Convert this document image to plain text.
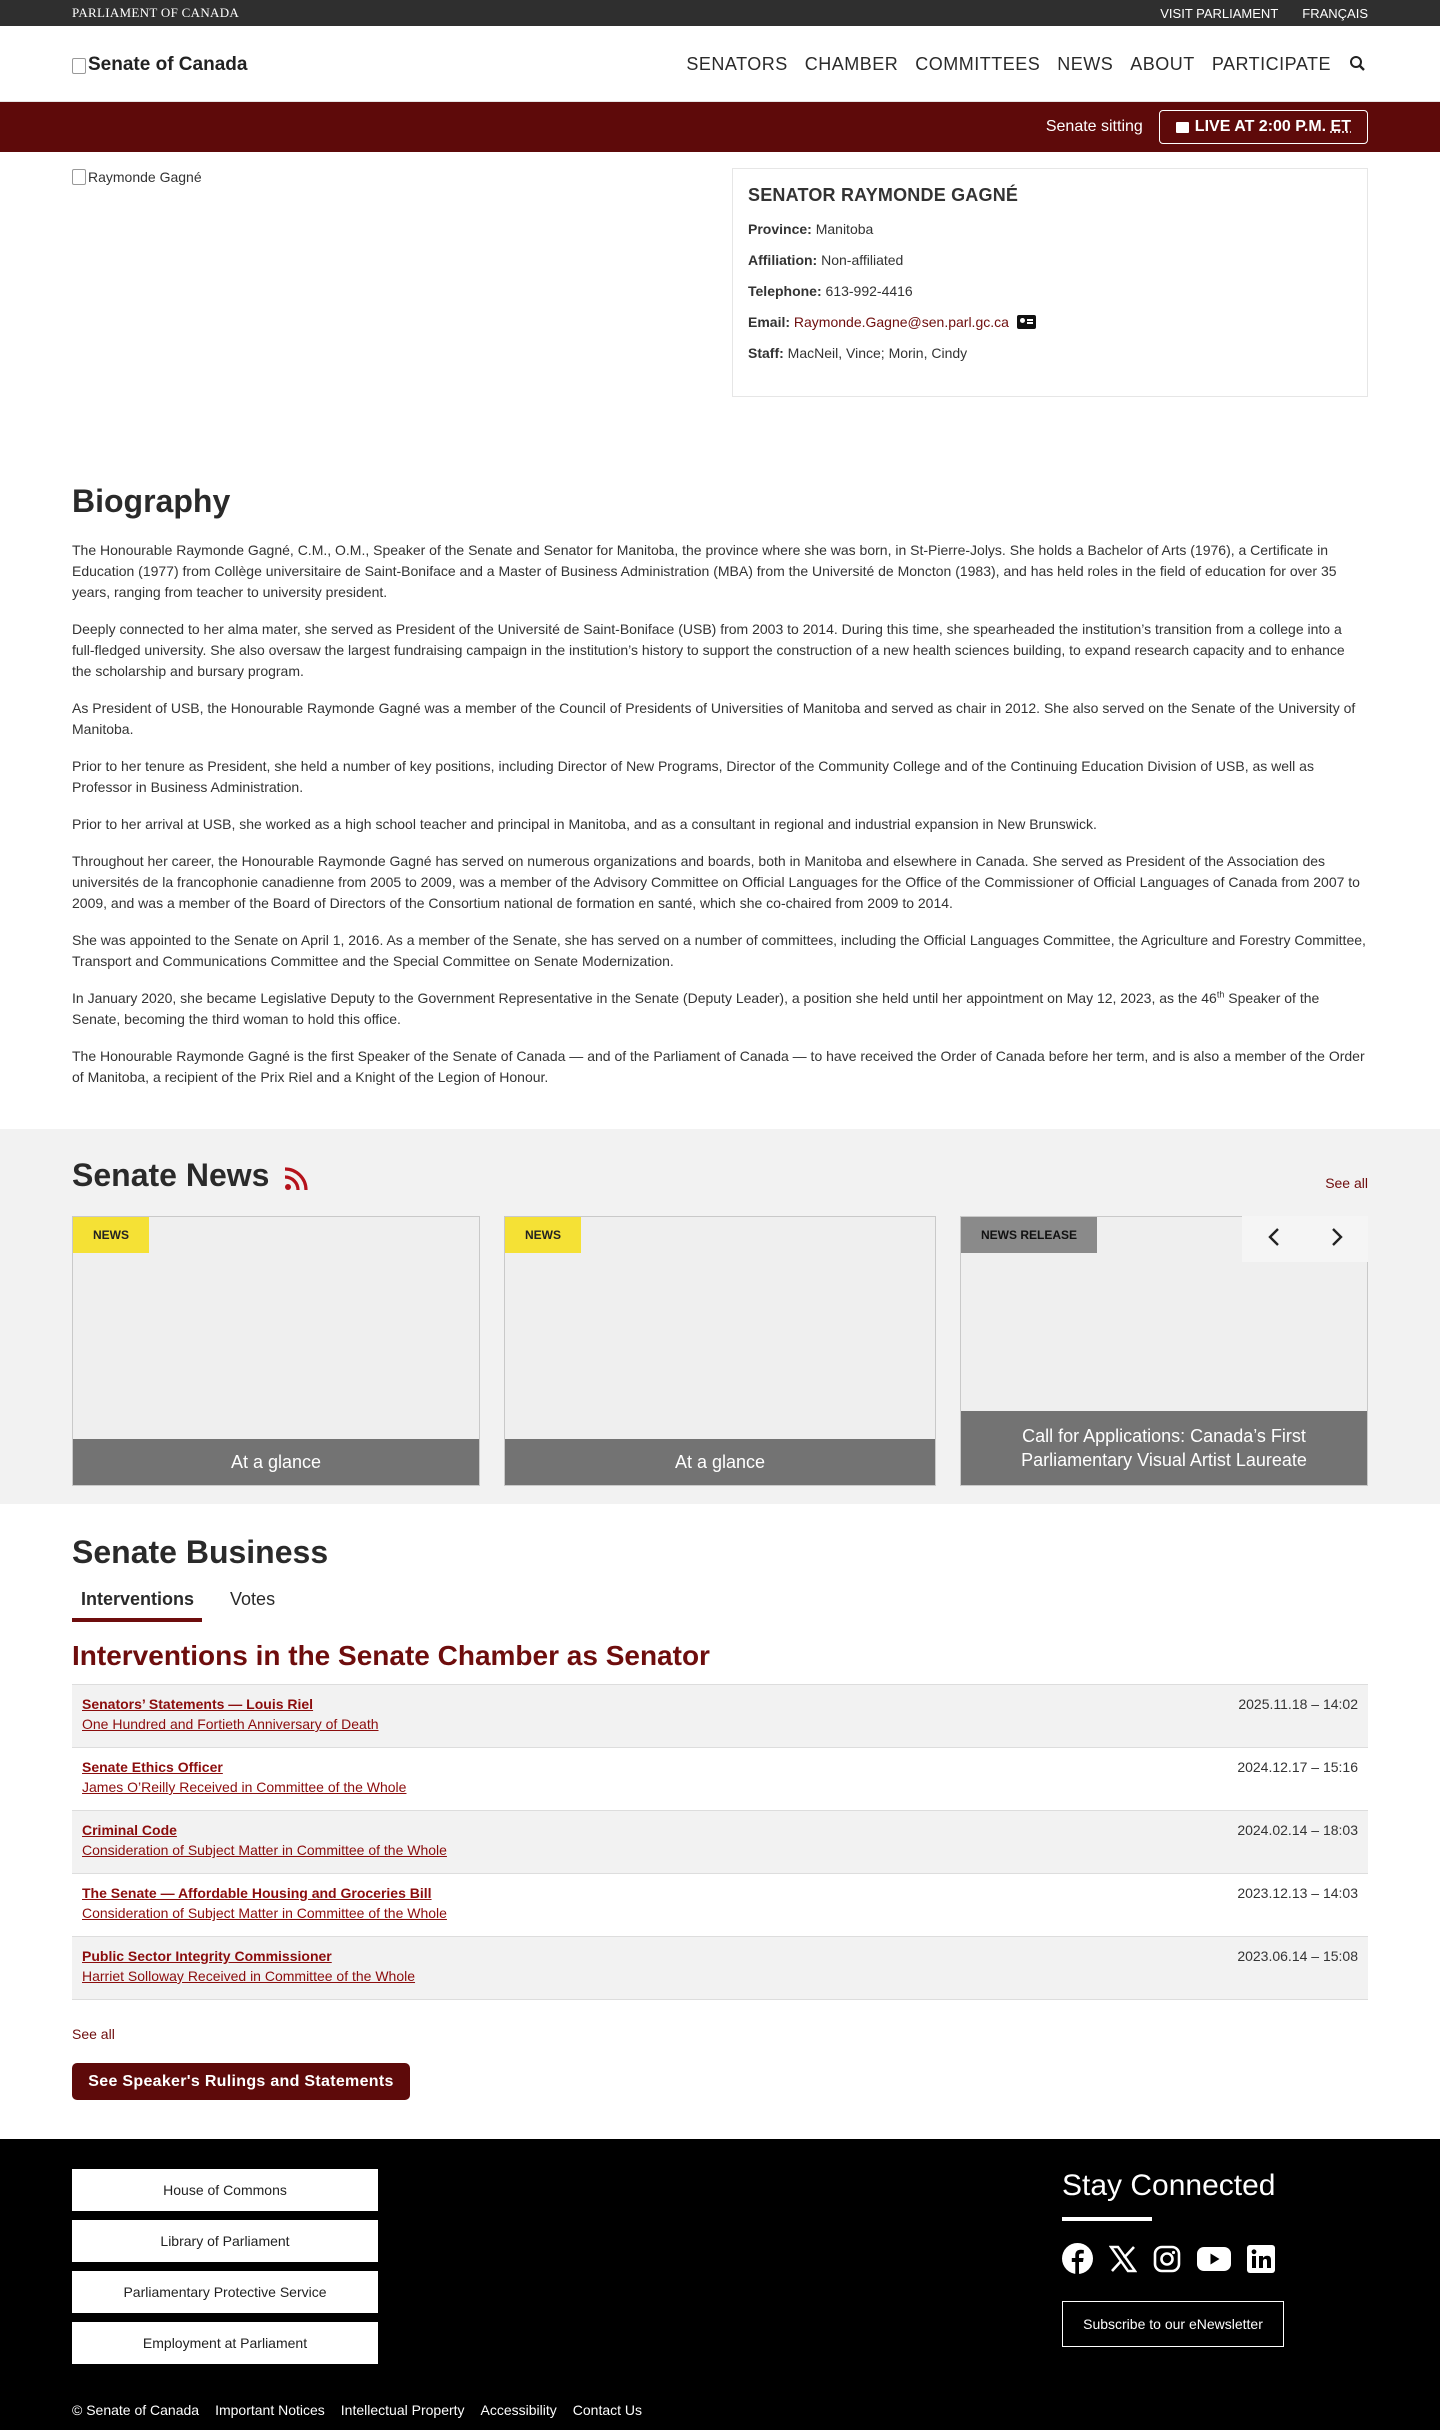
PARLIAMENT OF CANADA	VISIT PARLIAMENT FRANÇAIS
Senate of Canada	SENATORS CHAMBER COMMITTEES NEWS ABOUT PARTICIPATE
Senate sitting	LIVE AT 2:00 P.M. ET
Raymonde Gagné
SENATOR RAYMONDE GAGNÉ

Province: Manitoba

Affiliation: Non-affiliated

Telephone: 613-992-4416

Email: Raymonde.Gagne@sen.parl.gc.ca

Staff: MacNeil, Vince; Morin, Cindy

Biography

The Honourable Raymonde Gagné, C.M., O.M., Speaker of the Senate and Senator for Manitoba, the province where she was born, in St-Pierre-Jolys. She holds a Bachelor of Arts (1976), a Certificate in Education (1977) from Collège universitaire de Saint-Boniface and a Master of Business Administration (MBA) from the Université de Moncton (1983), and has held roles in the field of education for over 35 years, ranging from teacher to university president.

Deeply connected to her alma mater, she served as President of the Université de Saint-Boniface (USB) from 2003 to 2014. During this time, she spearheaded the institution’s transition from a college into a full-fledged university. She also oversaw the largest fundraising campaign in the institution’s history to support the construction of a new health sciences building, to expand research capacity and to enhance the scholarship and bursary program.

As President of USB, the Honourable Raymonde Gagné was a member of the Council of Presidents of Universities of Manitoba and served as chair in 2012. She also served on the Senate of the University of Manitoba.

Prior to her tenure as President, she held a number of key positions, including Director of New Programs, Director of the Community College and of the Continuing Education Division of USB, as well as Professor in Business Administration.

Prior to her arrival at USB, she worked as a high school teacher and principal in Manitoba, and as a consultant in regional and industrial expansion in New Brunswick.

Throughout her career, the Honourable Raymonde Gagné has served on numerous organizations and boards, both in Manitoba and elsewhere in Canada. She served as President of the Association des universités de la francophonie canadienne from 2005 to 2009, was a member of the Advisory Committee on Official Languages for the Office of the Commissioner of Official Languages of Canada from 2007 to 2009, and was a member of the Board of Directors of the Consortium national de formation en santé, which she co-chaired from 2009 to 2014.

She was appointed to the Senate on April 1, 2016. As a member of the Senate, she has served on a number of committees, including the Official Languages Committee, the Agriculture and Forestry Committee, Transport and Communications Committee and the Special Committee on Senate Modernization.

In January 2020, she became Legislative Deputy to the Government Representative in the Senate (Deputy Leader), a position she held until her appointment on May 12, 2023, as the 46th Speaker of the Senate, becoming the third woman to hold this office.

The Honourable Raymonde Gagné is the first Speaker of the Senate of Canada — and of the Parliament of Canada — to have received the Order of Canada before her term, and is also a member of the Order of Manitoba, a recipient of the Prix Riel and a Knight of the Legion of Honour.

Senate News	See all
NEWS
At a glance
NEWS
At a glance
NEWS RELEASE
Call for Applications: Canada’s First Parliamentary Visual Artist Laureate
Senate Business
Interventions	Votes
Interventions in the Senate Chamber as Senator
Senators’ Statements — Louis Riel
One Hundred and Fortieth Anniversary of Death
2025.11.18 – 14:02
Senate Ethics Officer
James O’Reilly Received in Committee of the Whole
2024.12.17 – 15:16
Criminal Code
Consideration of Subject Matter in Committee of the Whole
2024.02.14 – 18:03
The Senate — Affordable Housing and Groceries Bill
Consideration of Subject Matter in Committee of the Whole
2023.12.13 – 14:03
Public Sector Integrity Commissioner
Harriet Solloway Received in Committee of the Whole
2023.06.14 – 15:08
See all
See Speaker's Rulings and Statements
House of Commons
Library of Parliament
Parliamentary Protective Service
Employment at Parliament
Stay Connected
Subscribe to our eNewsletter
© Senate of Canada Important Notices Intellectual Property Accessibility Contact Us
